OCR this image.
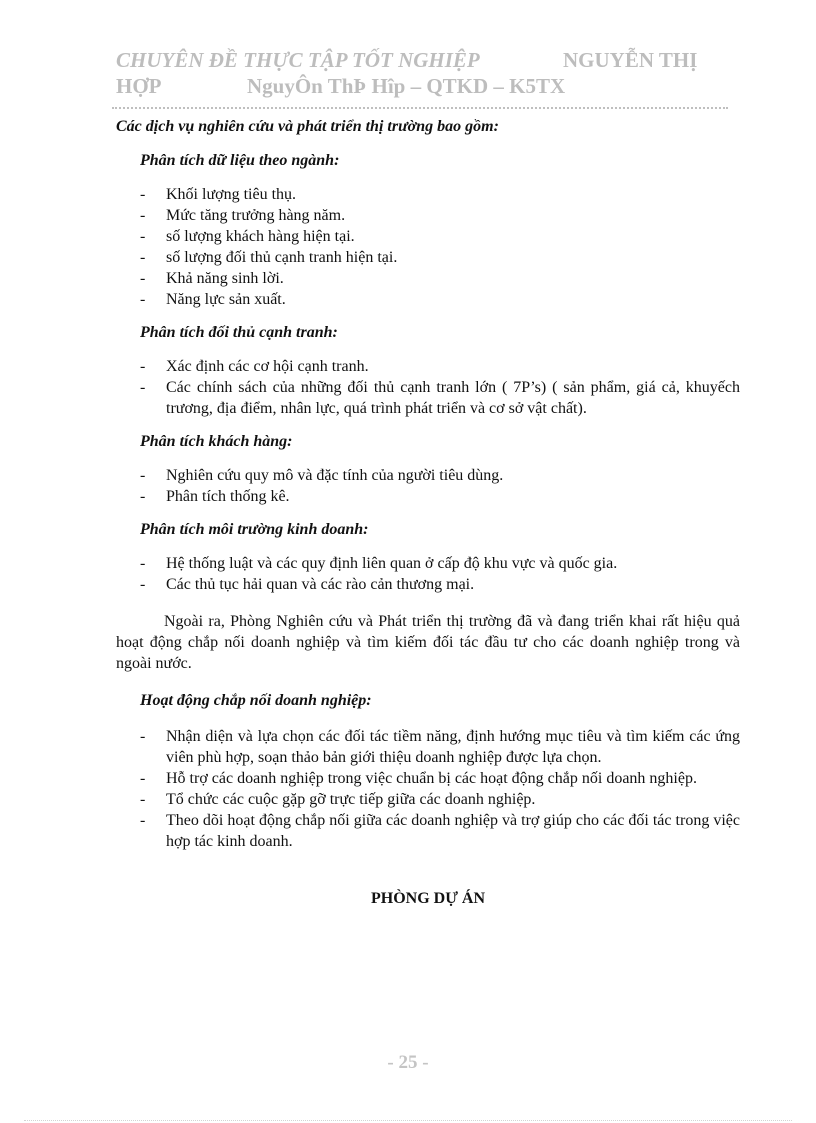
CHUYÊN ĐỀ THỰC TẬP TỐT NGHIỆP	NGUYỄN THỊ
HỢP	NguyÔn ThÞ Hîp – QTKD – K5TX

Các dịch vụ nghiên cứu và phát triển thị trường bao gồm:

Phân tích dữ liệu theo ngành:

- Khối lượng tiêu thụ.
- Mức tăng trưởng hàng năm.
- số lượng khách hàng hiện tại.
- số lượng đối thủ cạnh tranh hiện tại.
- Khả năng sinh lời.
- Năng lực sản xuất.

Phân tích đối thủ cạnh tranh:

- Xác định các cơ hội cạnh tranh.
- Các chính sách của những đối thủ cạnh tranh lớn ( 7P’s) ( sản phẩm, giá cả, khuyếch trương, địa điểm, nhân lực, quá trình phát triển và cơ sở vật chất).

Phân tích khách hàng:

- Nghiên cứu quy mô và đặc tính của người tiêu dùng.
- Phân tích thống kê.

Phân tích môi trường kinh doanh:

- Hệ thống luật và các quy định liên quan ở cấp độ khu vực và quốc gia.
- Các thủ tục hải quan và các rào cản thương mại.

Ngoài ra, Phòng Nghiên cứu và Phát triển thị trường đã và đang triển khai rất hiệu quả hoạt động chắp nối doanh nghiệp và tìm kiếm đối tác đầu tư cho các doanh nghiệp trong và ngoài nước.

Hoạt động chắp nối doanh nghiệp:

- Nhận diện và lựa chọn các đối tác tiềm năng, định hướng mục tiêu và tìm kiếm các ứng viên phù hợp, soạn thảo bản giới thiệu doanh nghiệp được lựa chọn.
- Hỗ trợ các doanh nghiệp trong việc chuẩn bị các hoạt động chắp nối doanh nghiệp.
- Tổ chức các cuộc gặp gỡ trực tiếp giữa các doanh nghiệp.
- Theo dõi hoạt động chắp nối giữa các doanh nghiệp và trợ giúp cho các đối tác trong việc hợp tác kinh doanh.

PHÒNG DỰ ÁN

- 25 -
